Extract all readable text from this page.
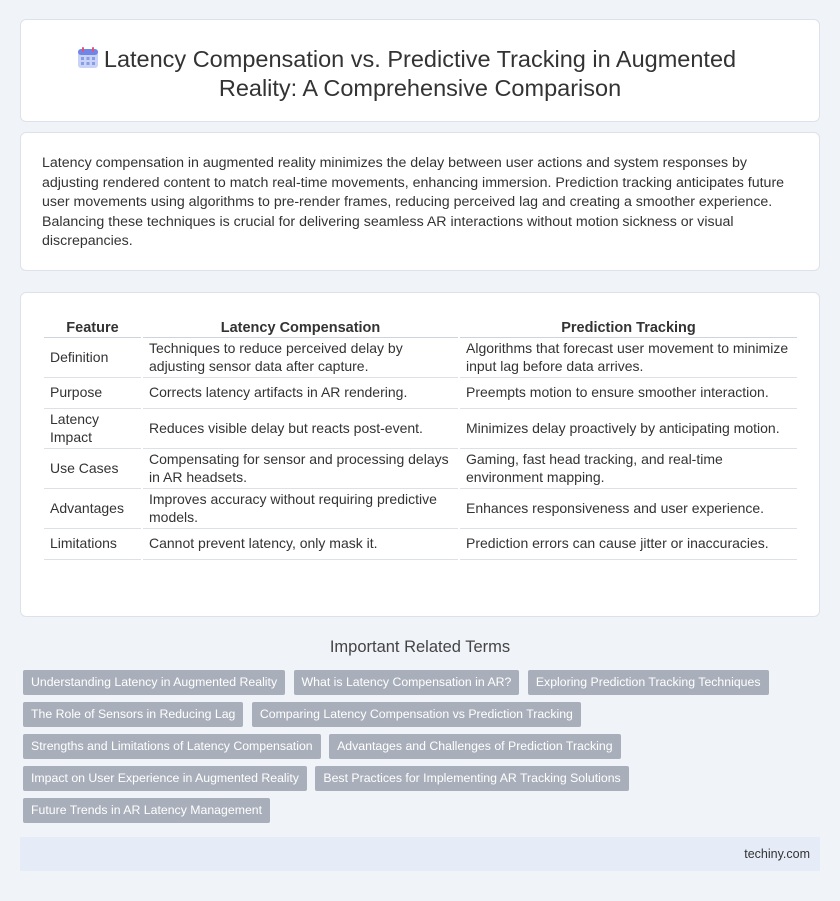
Latency Compensation vs. Predictive Tracking in Augmented
Reality: A Comprehensive Comparison

Latency compensation in augmented reality minimizes the delay between user actions and system responses by adjusting rendered content to match real-time movements, enhancing immersion. Prediction tracking anticipates future user movements using algorithms to pre-render frames, reducing perceived lag and creating a smoother experience. Balancing these techniques is crucial for delivering seamless AR interactions without motion sickness or visual discrepancies.

Feature	Latency Compensation	Prediction Tracking
Definition	Techniques to reduce perceived delay by adjusting sensor data after capture.	Algorithms that forecast user movement to minimize input lag before data arrives.
Purpose	Corrects latency artifacts in AR rendering.	Preempts motion to ensure smoother interaction.
Latency Impact	Reduces visible delay but reacts post-event.	Minimizes delay proactively by anticipating motion.
Use Cases	Compensating for sensor and processing delays in AR headsets.	Gaming, fast head tracking, and real-time environment mapping.
Advantages	Improves accuracy without requiring predictive models.	Enhances responsiveness and user experience.
Limitations	Cannot prevent latency, only mask it.	Prediction errors can cause jitter or inaccuracies.
Important Related Terms
Understanding Latency in Augmented Reality What is Latency Compensation in AR? Exploring Prediction Tracking Techniques
The Role of Sensors in Reducing Lag Comparing Latency Compensation vs Prediction Tracking
Strengths and Limitations of Latency Compensation Advantages and Challenges of Prediction Tracking
Impact on User Experience in Augmented Reality Best Practices for Implementing AR Tracking Solutions
Future Trends in AR Latency Management
techiny.com
